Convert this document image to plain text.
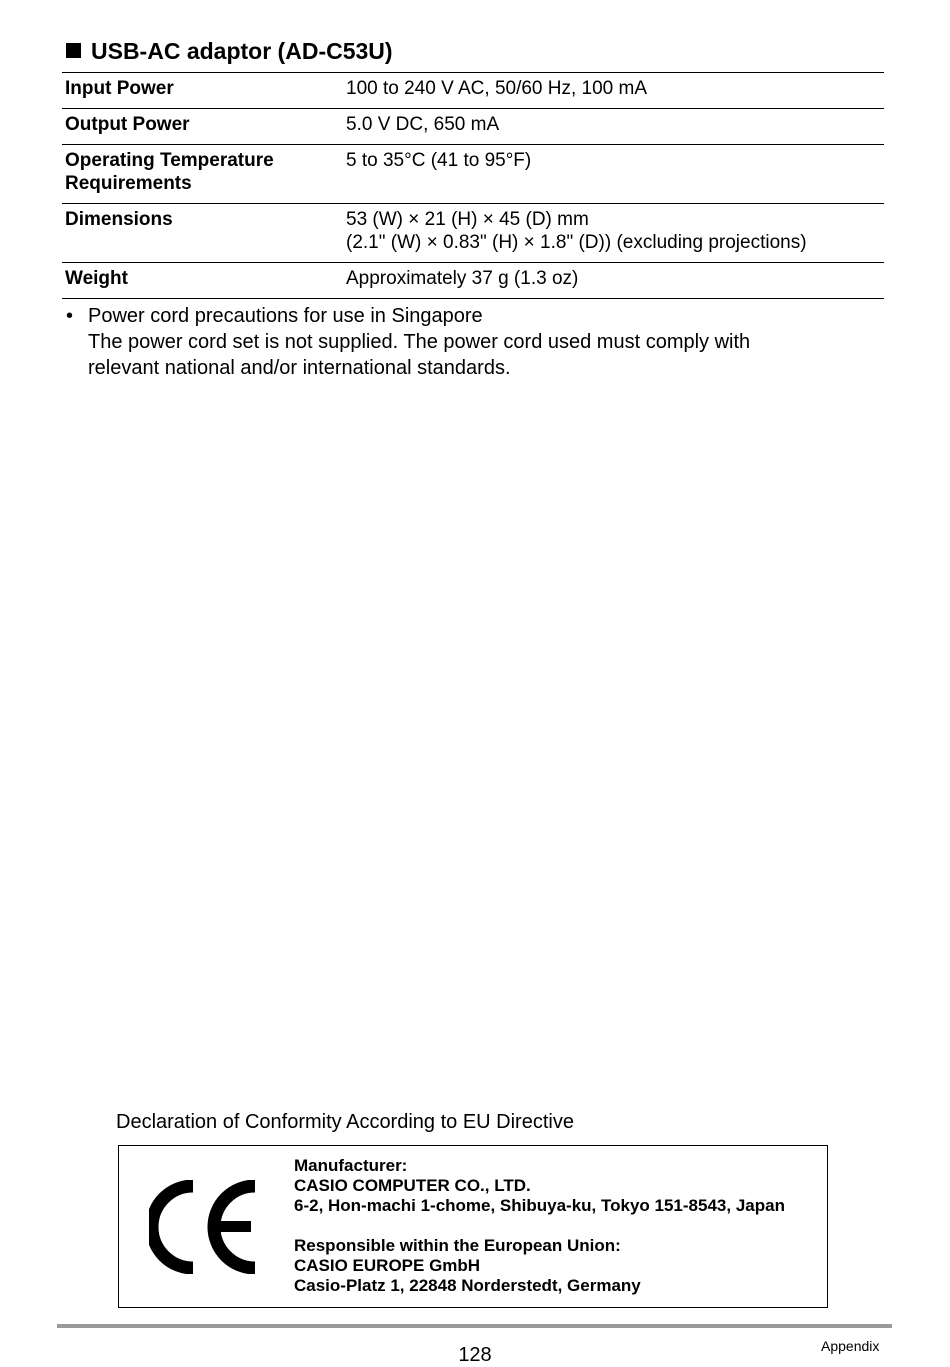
USB-AC adaptor (AD-C53U)
Input Power	100 to 240 V AC, 50/60 Hz, 100 mA

Output Power	5.0 V DC, 650 mA

Operating Temperature Requirements	5 to 35°C (41 to 95°F)

Dimensions	53 (W) × 21 (H) × 45 (D) mm
(2.1" (W) × 0.83" (H) × 1.8" (D)) (excluding projections)

Weight	Approximately 37 g (1.3 oz)
• Power cord precautions for use in Singapore
The power cord set is not supplied. The power cord used must comply with
relevant national and/or international standards.
Declaration of Conformity According to EU Directive
Manufacturer:
CASIO COMPUTER CO., LTD.
6-2, Hon-machi 1-chome, Shibuya-ku, Tokyo 151-8543, Japan
Responsible within the European Union:
CASIO EUROPE GmbH
Casio-Platz 1, 22848 Norderstedt, Germany
128	Appendix
